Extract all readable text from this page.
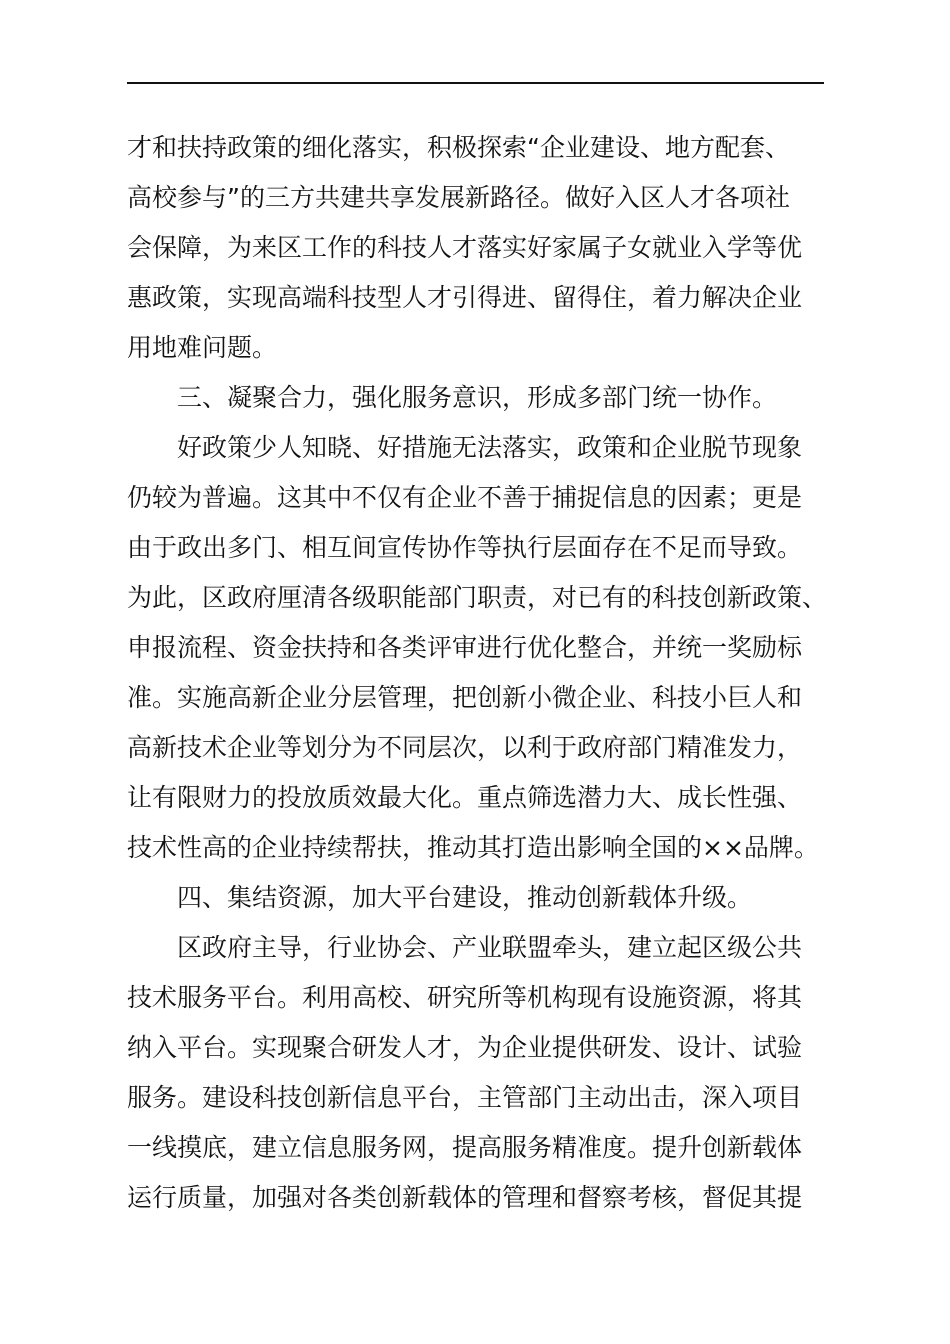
才和扶持政策的细化落实，积极探索“企业建设、地方配套、
高校参与”的三方共建共享发展新路径。做好入区人才各项社
会保障，为来区工作的科技人才落实好家属子女就业入学等优
惠政策，实现高端科技型人才引得进、留得住，着力解决企业
用地难问题。
　　三、凝聚合力，强化服务意识，形成多部门统一协作。
　　好政策少人知晓、好措施无法落实，政策和企业脱节现象
仍较为普遍。这其中不仅有企业不善于捕捉信息的因素；更是
由于政出多门、相互间宣传协作等执行层面存在不足而导致。
为此，区政府厘清各级职能部门职责，对已有的科技创新政策、
申报流程、资金扶持和各类评审进行优化整合，并统一奖励标
准。实施高新企业分层管理，把创新小微企业、科技小巨人和
高新技术企业等划分为不同层次，以利于政府部门精准发力，
让有限财力的投放质效最大化。重点筛选潜力大、成长性强、
技术性高的企业持续帮扶，推动其打造出影响全国的××品牌。
　　四、集结资源，加大平台建设，推动创新载体升级。
　　区政府主导，行业协会、产业联盟牵头，建立起区级公共
技术服务平台。利用高校、研究所等机构现有设施资源，将其
纳入平台。实现聚合研发人才，为企业提供研发、设计、试验
服务。建设科技创新信息平台，主管部门主动出击，深入项目
一线摸底，建立信息服务网，提高服务精准度。提升创新载体
运行质量，加强对各类创新载体的管理和督察考核，督促其提
